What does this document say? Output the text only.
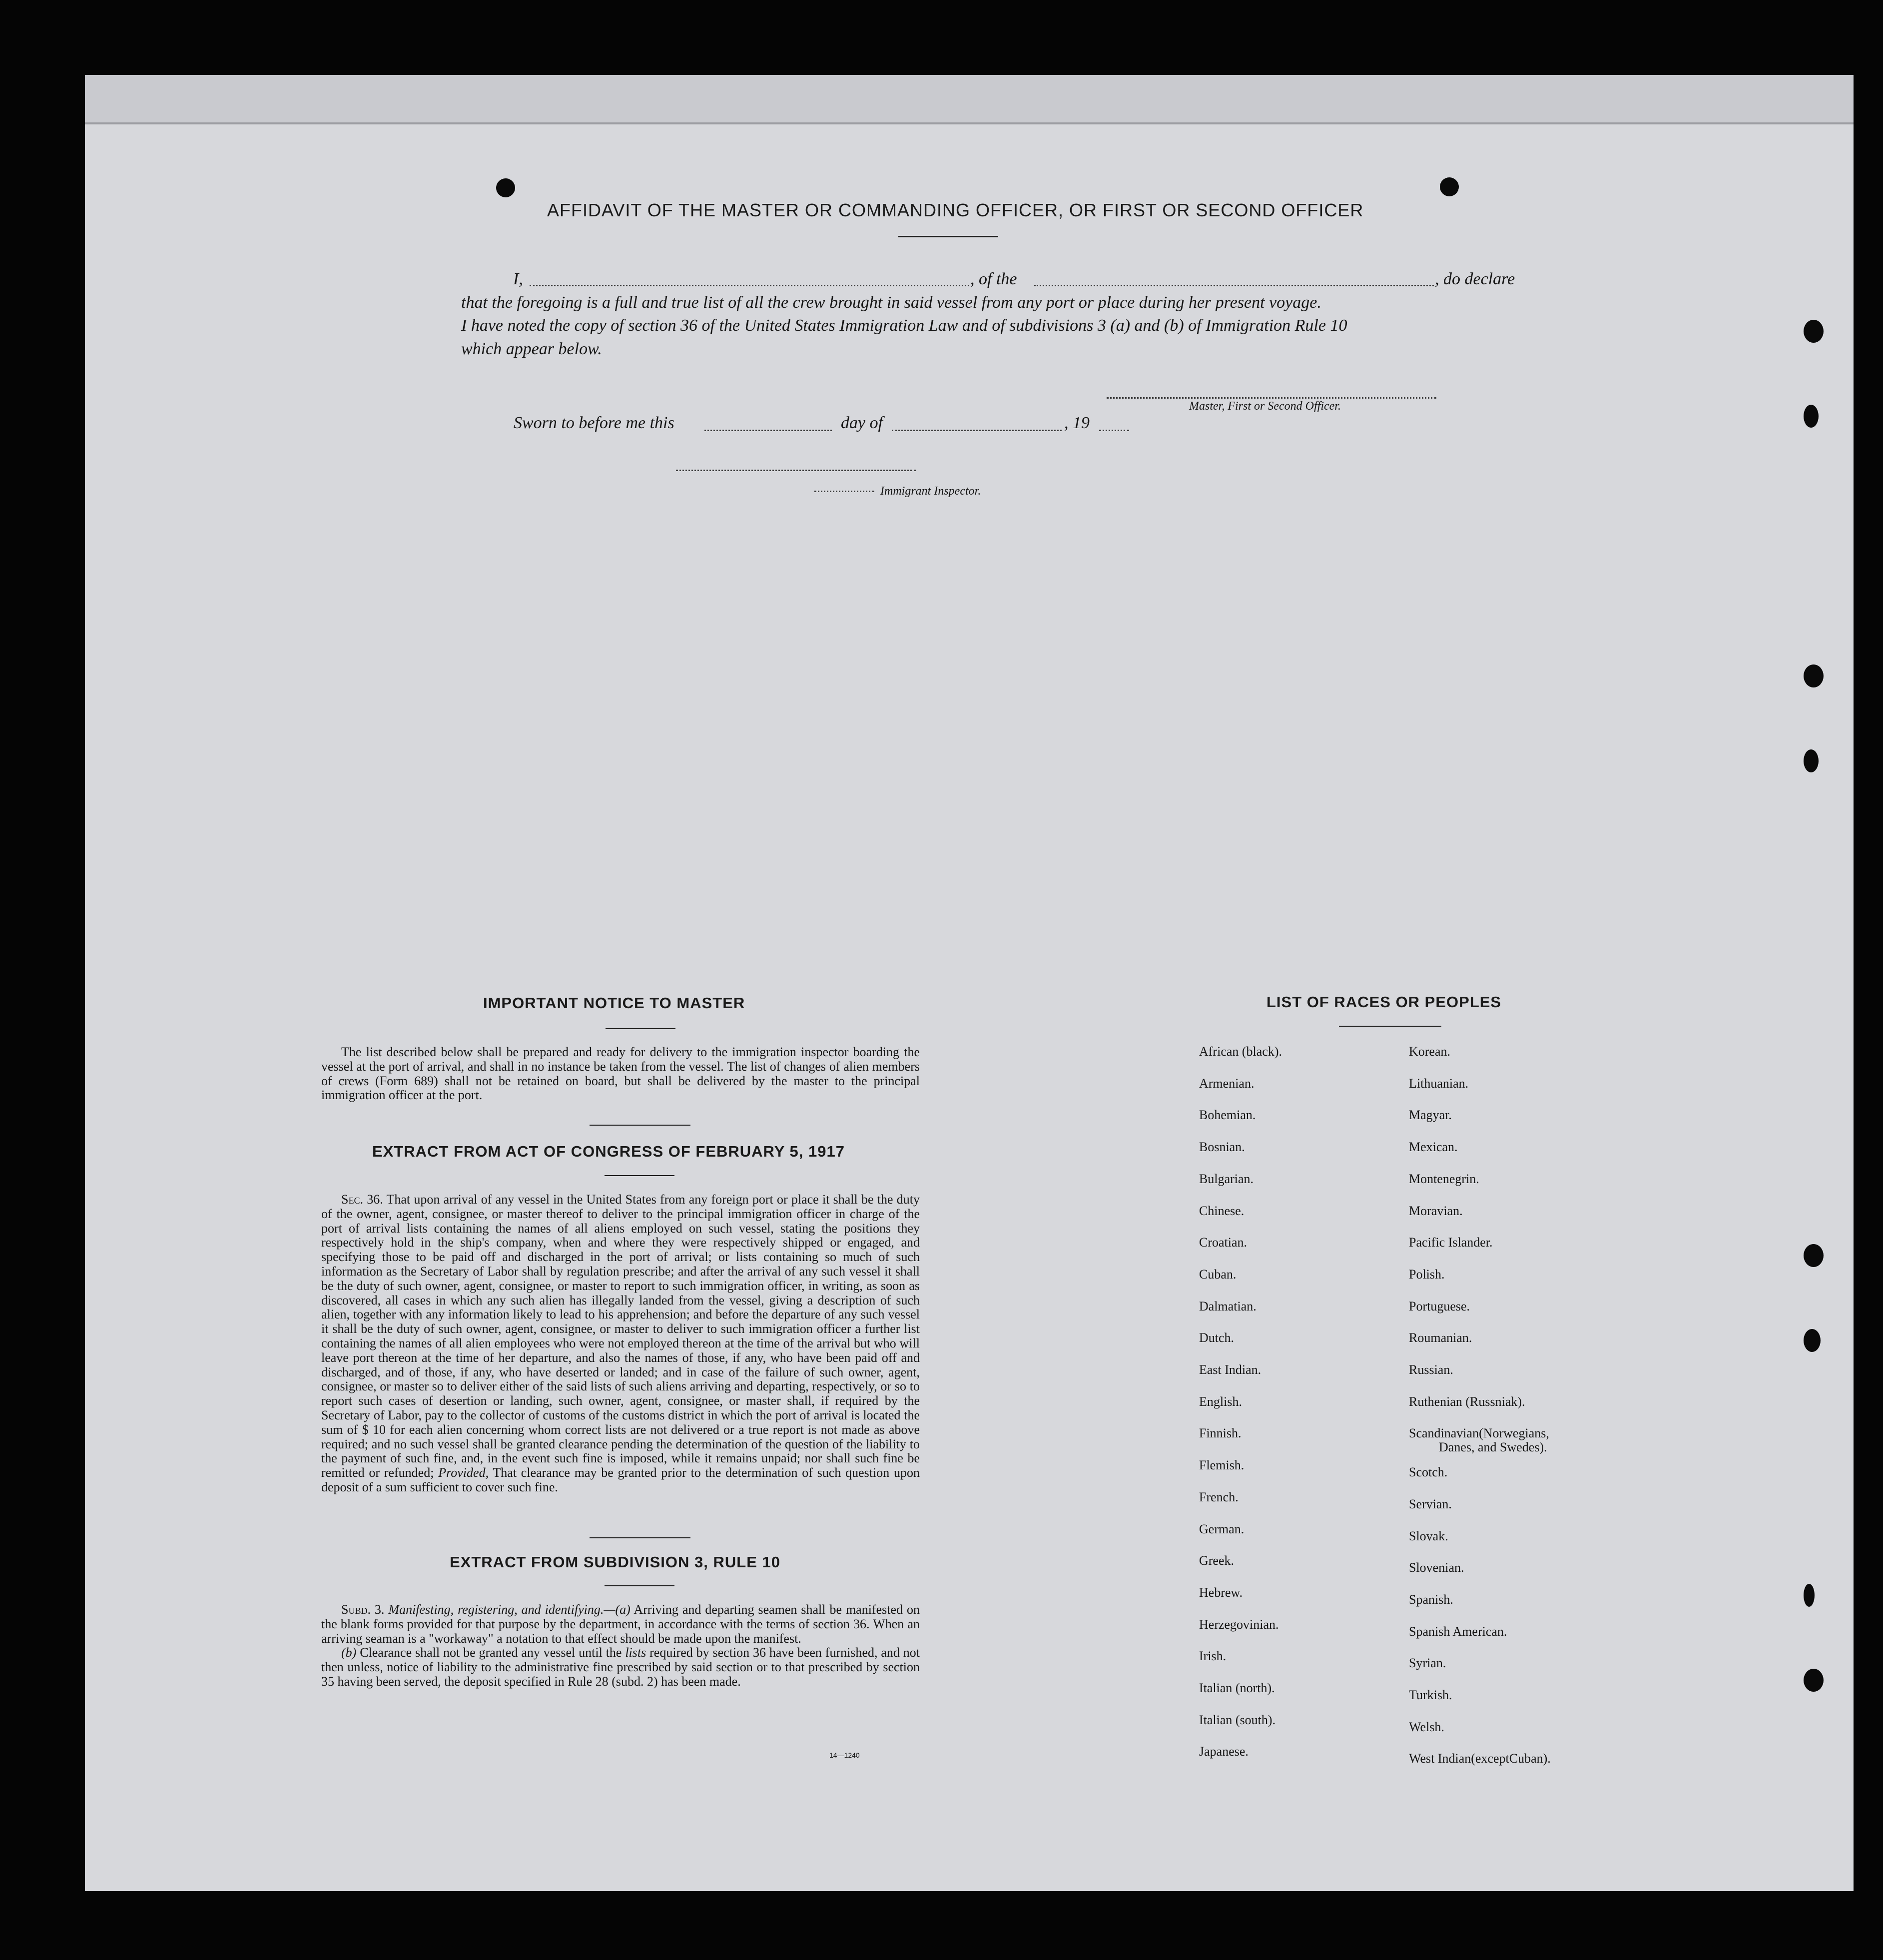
AFFIDAVIT OF THE MASTER OR COMMANDING OFFICER, OR FIRST OR SECOND OFFICER
I,	, of the	, do declare
that the foregoing is a full and true list of all the crew brought in said vessel from any port or place during her present voyage.
I have noted the copy of section 36 of the United States Immigration Law and of subdivisions 3 (a) and (b) of Immigration Rule 10
which appear below.
Master, First or Second Officer.
Sworn to before me this	day of	, 19
Immigrant Inspector.
IMPORTANT NOTICE TO MASTER

The list described below shall be prepared and ready for delivery to the immigration inspector boarding the vessel at the port of arrival, and shall in no instance be taken from the vessel. The list of changes of alien members of crews (Form 689) shall not be retained on board, but shall be delivered by the master to the principal immigration officer at the port.

EXTRACT FROM ACT OF CONGRESS OF FEBRUARY 5, 1917

Sec. 36. That upon arrival of any vessel in the United States from any foreign port or place it shall be the duty of the owner, agent, consignee, or master thereof to deliver to the principal immigration officer in charge of the port of arrival lists containing the names of all aliens employed on such vessel, stating the positions they respectively hold in the ship's company, when and where they were respectively shipped or engaged, and specifying those to be paid off and discharged in the port of arrival; or lists containing so much of such information as the Secretary of Labor shall by regulation prescribe; and after the arrival of any such vessel it shall be the duty of such owner, agent, consignee, or master to report to such immigration officer, in writing, as soon as discovered, all cases in which any such alien has illegally landed from the vessel, giving a description of such alien, together with any information likely to lead to his apprehension; and before the departure of any such vessel it shall be the duty of such owner, agent, consignee, or master to deliver to such immigration officer a further list containing the names of all alien employees who were not employed thereon at the time of the arrival but who will leave port thereon at the time of her departure, and also the names of those, if any, who have been paid off and discharged, and of those, if any, who have deserted or landed; and in case of the failure of such owner, agent, consignee, or master so to deliver either of the said lists of such aliens arriving and departing, respectively, or so to report such cases of desertion or landing, such owner, agent, consignee, or master shall, if required by the Secretary of Labor, pay to the collector of customs of the customs district in which the port of arrival is located the sum of $ 10 for each alien concerning whom correct lists are not delivered or a true report is not made as above required; and no such vessel shall be granted clearance pending the determination of the question of the liability to the payment of such fine, and, in the event such fine is imposed, while it remains unpaid; nor shall such fine be remitted or refunded; Provided, That clearance may be granted prior to the determination of such question upon deposit of a sum sufficient to cover such fine.

EXTRACT FROM SUBDIVISION 3, RULE 10

Subd. 3. Manifesting, registering, and identifying.—(a) Arriving and departing seamen shall be manifested on the blank forms provided for that purpose by the department, in accordance with the terms of section 36. When an arriving seaman is a "workaway" a notation to that effect should be made upon the manifest.

(b) Clearance shall not be granted any vessel until the lists required by section 36 have been furnished, and not then unless, notice of liability to the administrative fine prescribed by said section or to that prescribed by section 35 having been served, the deposit specified in Rule 28 (subd. 2) has been made.

14—1240
LIST OF RACES OR PEOPLES
African (black).
Armenian.
Bohemian.
Bosnian.
Bulgarian.
Chinese.
Croatian.
Cuban.
Dalmatian.
Dutch.
East Indian.
English.
Finnish.
Flemish.
French.
German.
Greek.
Hebrew.
Herzegovinian.
Irish.
Italian (north).
Italian (south).
Japanese.
Korean.
Lithuanian.
Magyar.
Mexican.
Montenegrin.
Moravian.
Pacific Islander.
Polish.
Portuguese.
Roumanian.
Russian.
Ruthenian (Russniak).
Scandinavian(Norwegians,
Danes, and Swedes).
Scotch.
Servian.
Slovak.
Slovenian.
Spanish.
Spanish American.
Syrian.
Turkish.
Welsh.
West Indian(exceptCuban).
